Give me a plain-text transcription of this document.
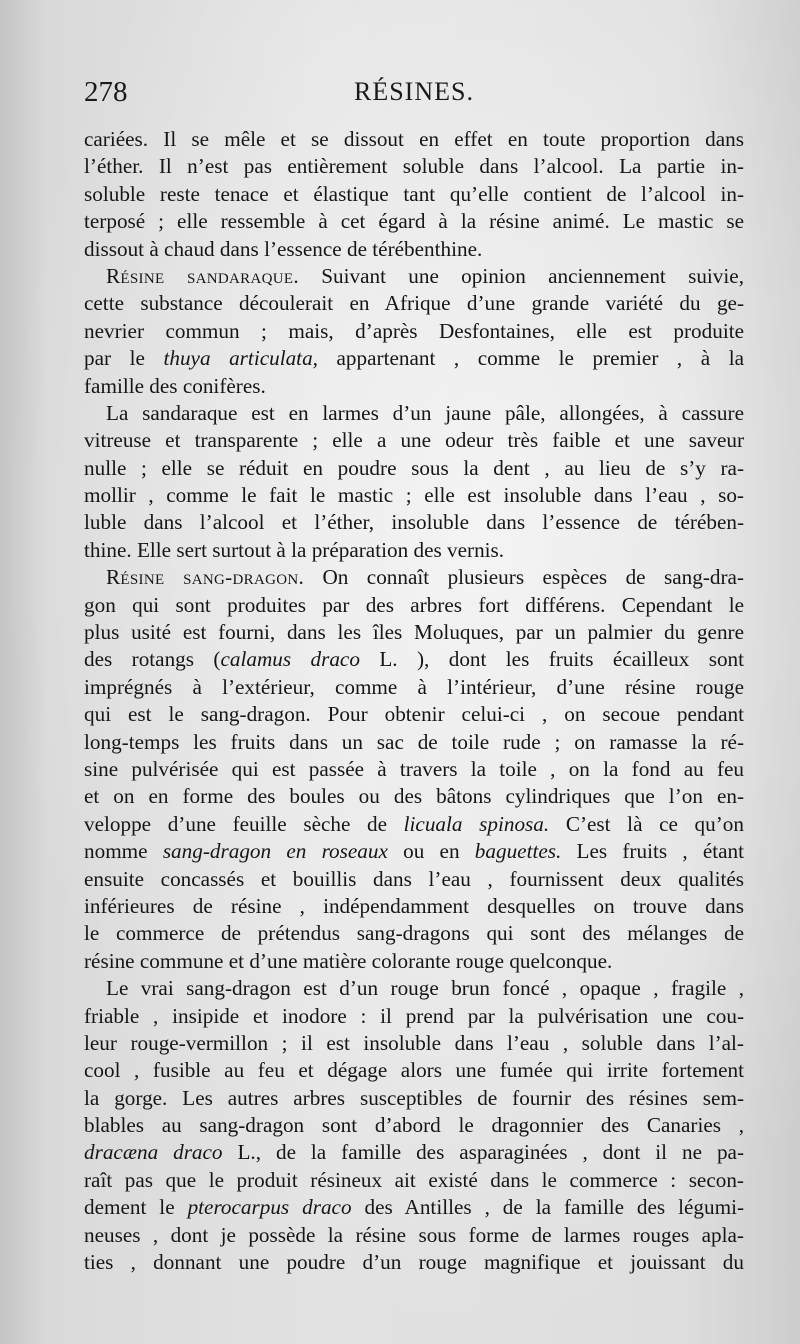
278	RÉSINES.
cariées. Il se mêle et se dissout en effet en toute proportion dans
l’éther. Il n’est pas entièrement soluble dans l’alcool. La partie in-
soluble reste tenace et élastique tant qu’elle contient de l’alcool in-
terposé ; elle ressemble à cet égard à la résine animé. Le mastic se
dissout à chaud dans l’essence de térébenthine.
Résine sandaraque. Suivant une opinion anciennement suivie,
cette substance découlerait en Afrique d’une grande variété du ge-
nevrier commun ; mais, d’après Desfontaines, elle est produite
par le thuya articulata, appartenant , comme le premier , à la
famille des conifères.
La sandaraque est en larmes d’un jaune pâle, allongées, à cassure
vitreuse et transparente ; elle a une odeur très faible et une saveur
nulle ; elle se réduit en poudre sous la dent , au lieu de s’y ra-
mollir , comme le fait le mastic ; elle est insoluble dans l’eau , so-
luble dans l’alcool et l’éther, insoluble dans l’essence de térében-
thine. Elle sert surtout à la préparation des vernis.
Résine sang-dragon. On connaît plusieurs espèces de sang-dra-
gon qui sont produites par des arbres fort différens. Cependant le
plus usité est fourni, dans les îles Moluques, par un palmier du genre
des rotangs (calamus draco L. ), dont les fruits écailleux sont
imprégnés à l’extérieur, comme à l’intérieur, d’une résine rouge
qui est le sang-dragon. Pour obtenir celui-ci , on secoue pendant
long-temps les fruits dans un sac de toile rude ; on ramasse la ré-
sine pulvérisée qui est passée à travers la toile , on la fond au feu
et on en forme des boules ou des bâtons cylindriques que l’on en-
veloppe d’une feuille sèche de licuala spinosa. C’est là ce qu’on
nomme sang-dragon en roseaux ou en baguettes. Les fruits , étant
ensuite concassés et bouillis dans l’eau , fournissent deux qualités
inférieures de résine , indépendamment desquelles on trouve dans
le commerce de prétendus sang-dragons qui sont des mélanges de
résine commune et d’une matière colorante rouge quelconque.
Le vrai sang-dragon est d’un rouge brun foncé , opaque , fragile ,
friable , insipide et inodore : il prend par la pulvérisation une cou-
leur rouge-vermillon ; il est insoluble dans l’eau , soluble dans l’al-
cool , fusible au feu et dégage alors une fumée qui irrite fortement
la gorge. Les autres arbres susceptibles de fournir des résines sem-
blables au sang-dragon sont d’abord le dragonnier des Canaries ,
dracæna draco L., de la famille des asparaginées , dont il ne pa-
raît pas que le produit résineux ait existé dans le commerce : secon-
dement le pterocarpus draco des Antilles , de la famille des légumi-
neuses , dont je possède la résine sous forme de larmes rouges apla-
ties , donnant une poudre d’un rouge magnifique et jouissant du
